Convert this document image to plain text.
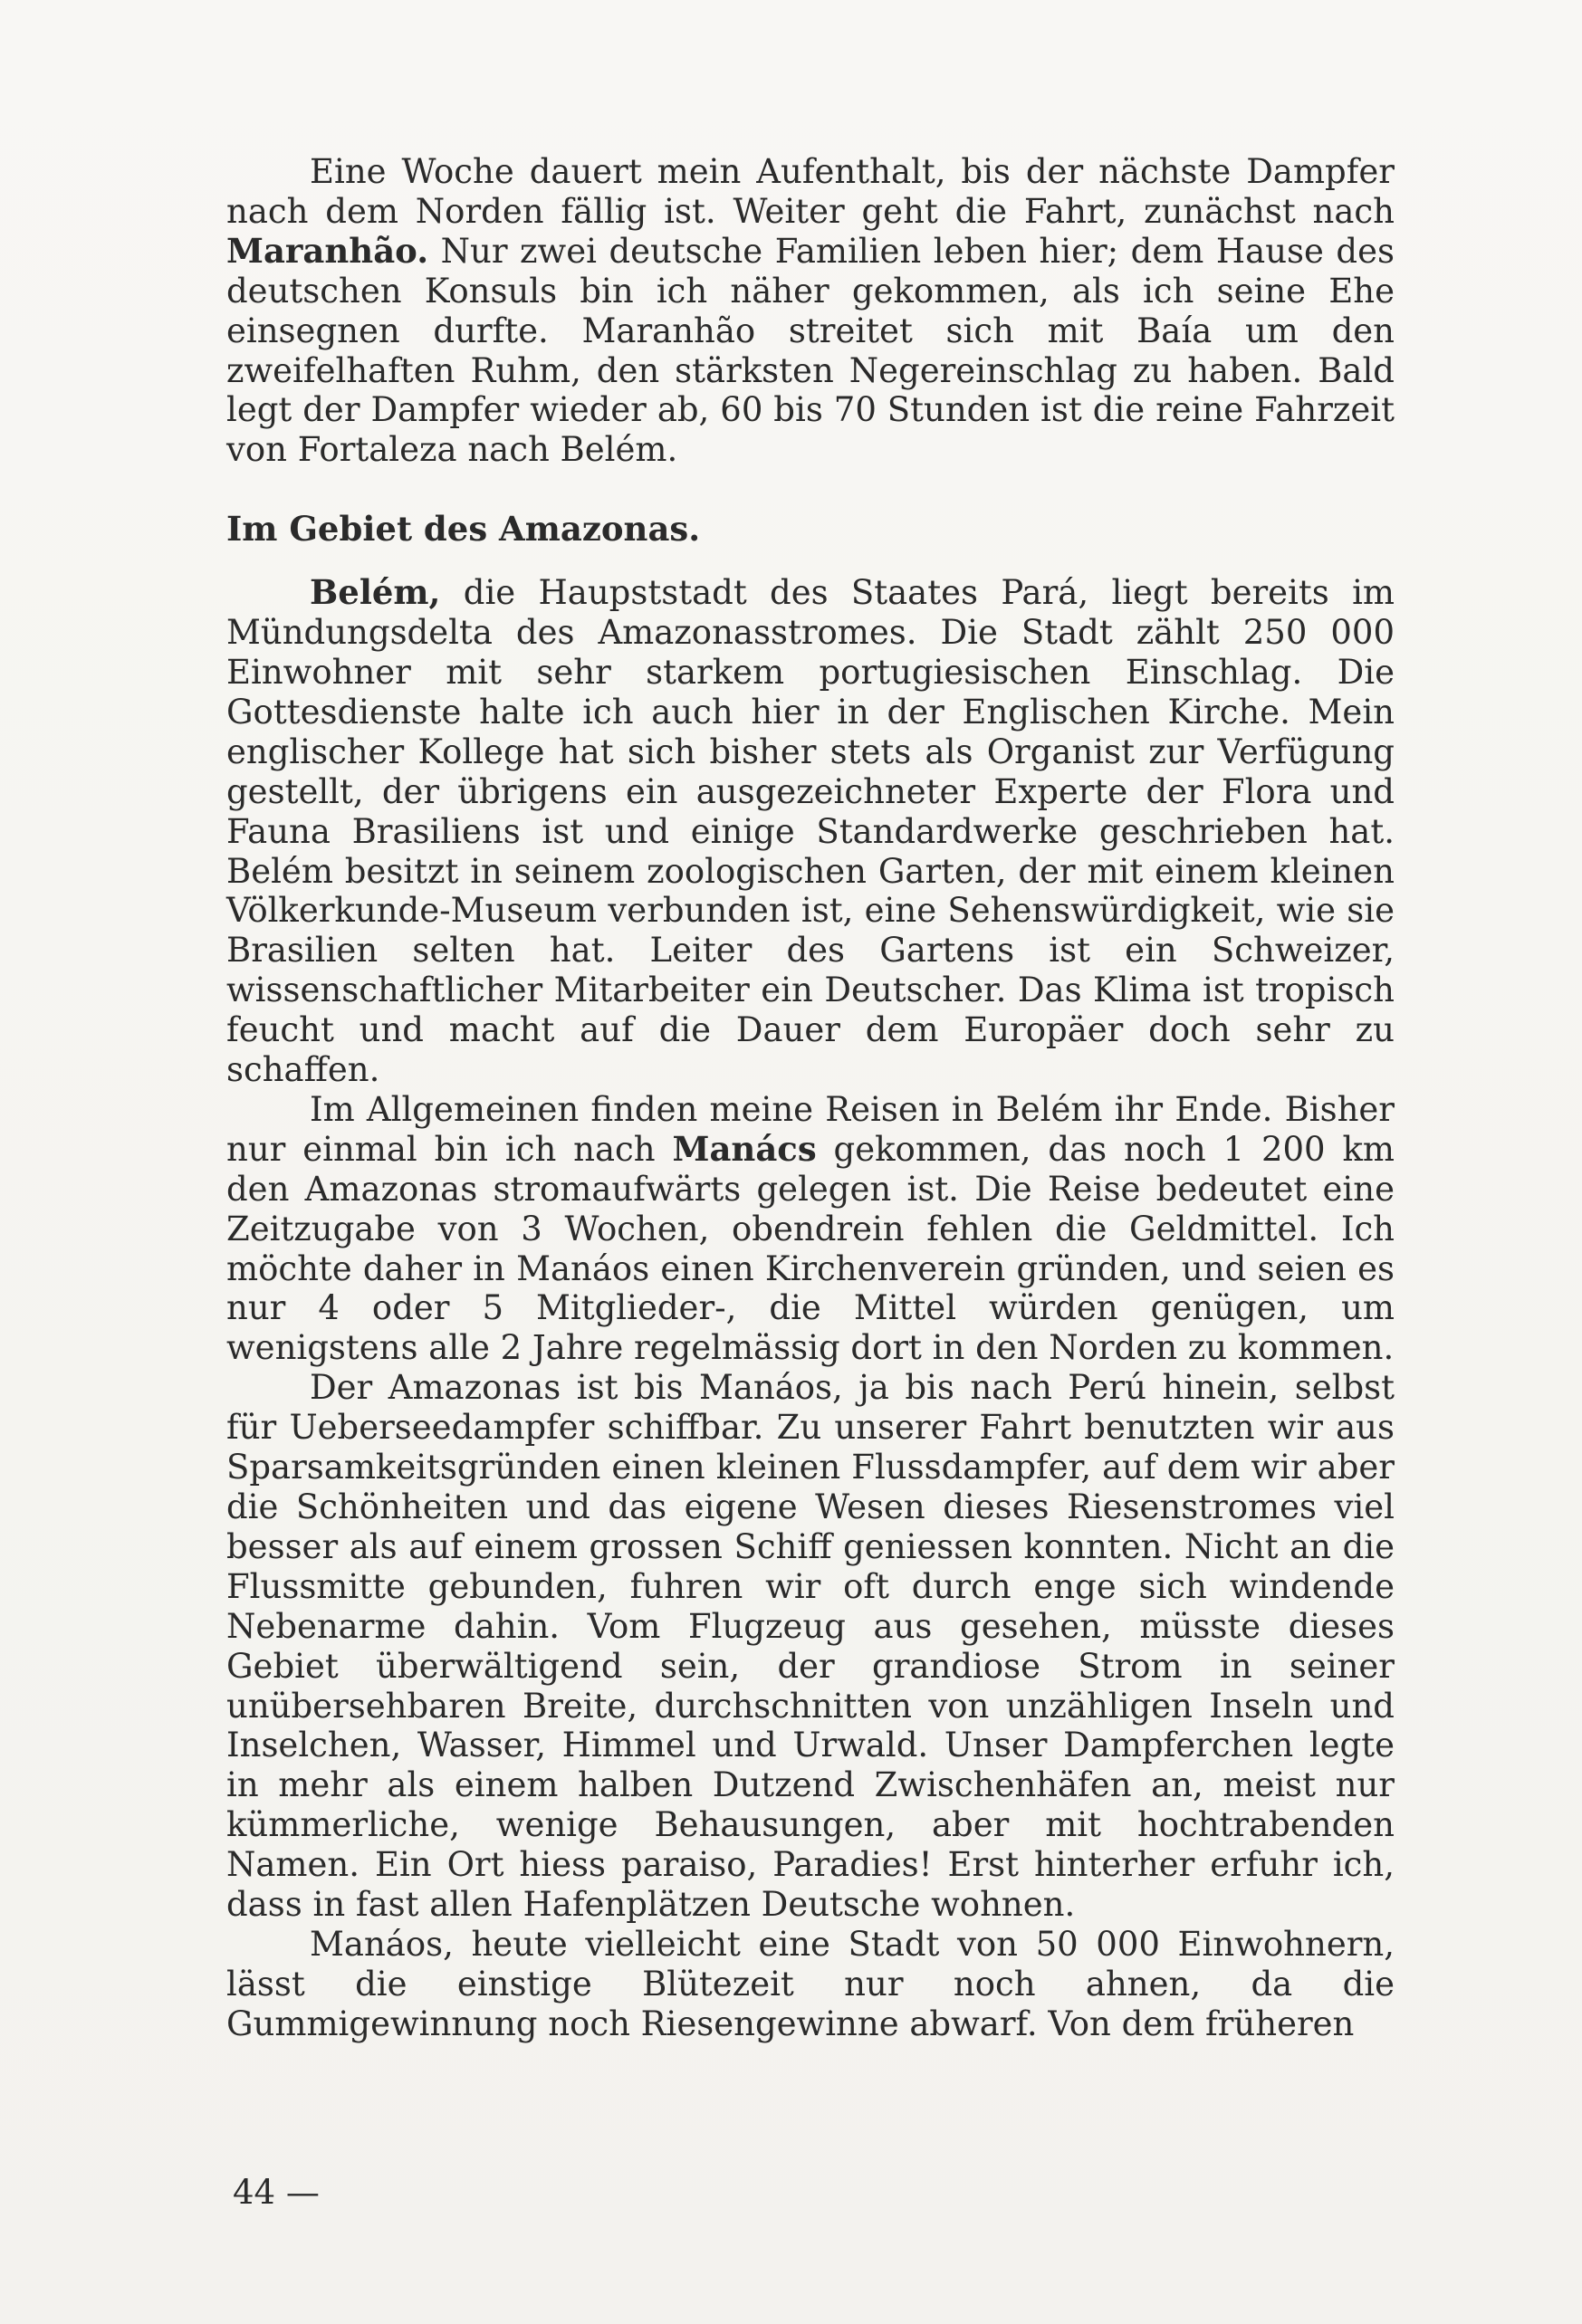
Eine Woche dauert mein Aufenthalt, bis der nächste Dampfer nach dem Norden fällig ist. Weiter geht die Fahrt, zunächst nach Maranhão. Nur zwei deutsche Familien leben hier; dem Hause des deutschen Konsuls bin ich näher gekommen, als ich seine Ehe einsegnen durfte. Maranhão streitet sich mit Baía um den zweifelhaften Ruhm, den stärksten Negereinschlag zu haben. Bald legt der Dampfer wieder ab, 60 bis 70 Stunden ist die reine Fahrzeit von Fortaleza nach Belém.

Im Gebiet des Amazonas.

Belém, die Haupststadt des Staates Pará, liegt bereits im Mündungsdelta des Amazonasstromes. Die Stadt zählt 250 000 Einwohner mit sehr starkem portugiesischen Einschlag. Die Gottesdienste halte ich auch hier in der Englischen Kirche. Mein englischer Kollege hat sich bisher stets als Organist zur Verfügung gestellt, der übrigens ein ausgezeichneter Experte der Flora und Fauna Brasiliens ist und einige Standardwerke geschrieben hat. Belém besitzt in seinem zoologischen Garten, der mit einem kleinen Völkerkunde-Museum verbunden ist, eine Sehenswürdigkeit, wie sie Brasilien selten hat. Leiter des Gartens ist ein Schweizer, wissenschaftlicher Mitarbeiter ein Deutscher. Das Klima ist tropisch feucht und macht auf die Dauer dem Europäer doch sehr zu schaffen.

Im Allgemeinen finden meine Reisen in Belém ihr Ende. Bisher nur einmal bin ich nach Manács gekommen, das noch 1 200 km den Amazonas stromaufwärts gelegen ist. Die Reise bedeutet eine Zeitzugabe von 3 Wochen, obendrein fehlen die Geldmittel. Ich möchte daher in Manáos einen Kirchenverein gründen, und seien es nur 4 oder 5 Mitglieder-, die Mittel würden genügen, um wenigstens alle 2 Jahre regelmässig dort in den Norden zu kommen.

Der Amazonas ist bis Manáos, ja bis nach Perú hinein, selbst für Ueberseedampfer schiffbar. Zu unserer Fahrt benutzten wir aus Sparsamkeitsgründen einen kleinen Flussdampfer, auf dem wir aber die Schönheiten und das eigene Wesen dieses Riesenstromes viel besser als auf einem grossen Schiff geniessen konnten. Nicht an die Flussmitte gebunden, fuhren wir oft durch enge sich windende Nebenarme dahin. Vom Flugzeug aus gesehen, müsste dieses Gebiet überwältigend sein, der grandiose Strom in seiner unübersehbaren Breite, durchschnitten von unzähligen Inseln und Inselchen, Wasser, Himmel und Urwald. Unser Dampferchen legte in mehr als einem halben Dutzend Zwischenhäfen an, meist nur kümmerliche, wenige Behausungen, aber mit hochtrabenden Namen. Ein Ort hiess paraiso, Paradies! Erst hinterher erfuhr ich, dass in fast allen Hafenplätzen Deutsche wohnen.

Manáos, heute vielleicht eine Stadt von 50 000 Einwohnern, lässt die einstige Blütezeit nur noch ahnen, da die Gummigewinnung noch Riesengewinne abwarf. Von dem früheren

44 —
